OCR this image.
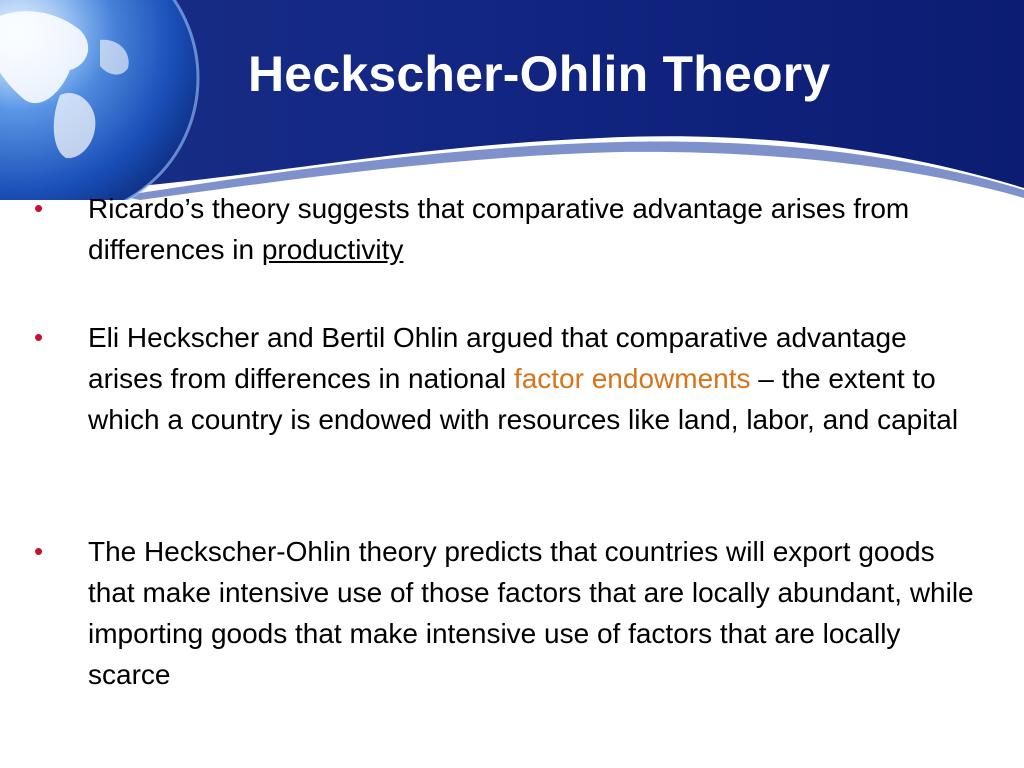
Heckscher-Ohlin Theory
• Ricardo’s theory suggests that comparative advantage arises from differences in productivity

• Eli Heckscher and Bertil Ohlin argued that comparative advantage arises from differences in national factor endowments – the extent to which a country is endowed with resources like land, labor, and capital

• The Heckscher-Ohlin theory predicts that countries will export goods that make intensive use of those factors that are locally abundant, while importing goods that make intensive use of factors that are locally scarce
